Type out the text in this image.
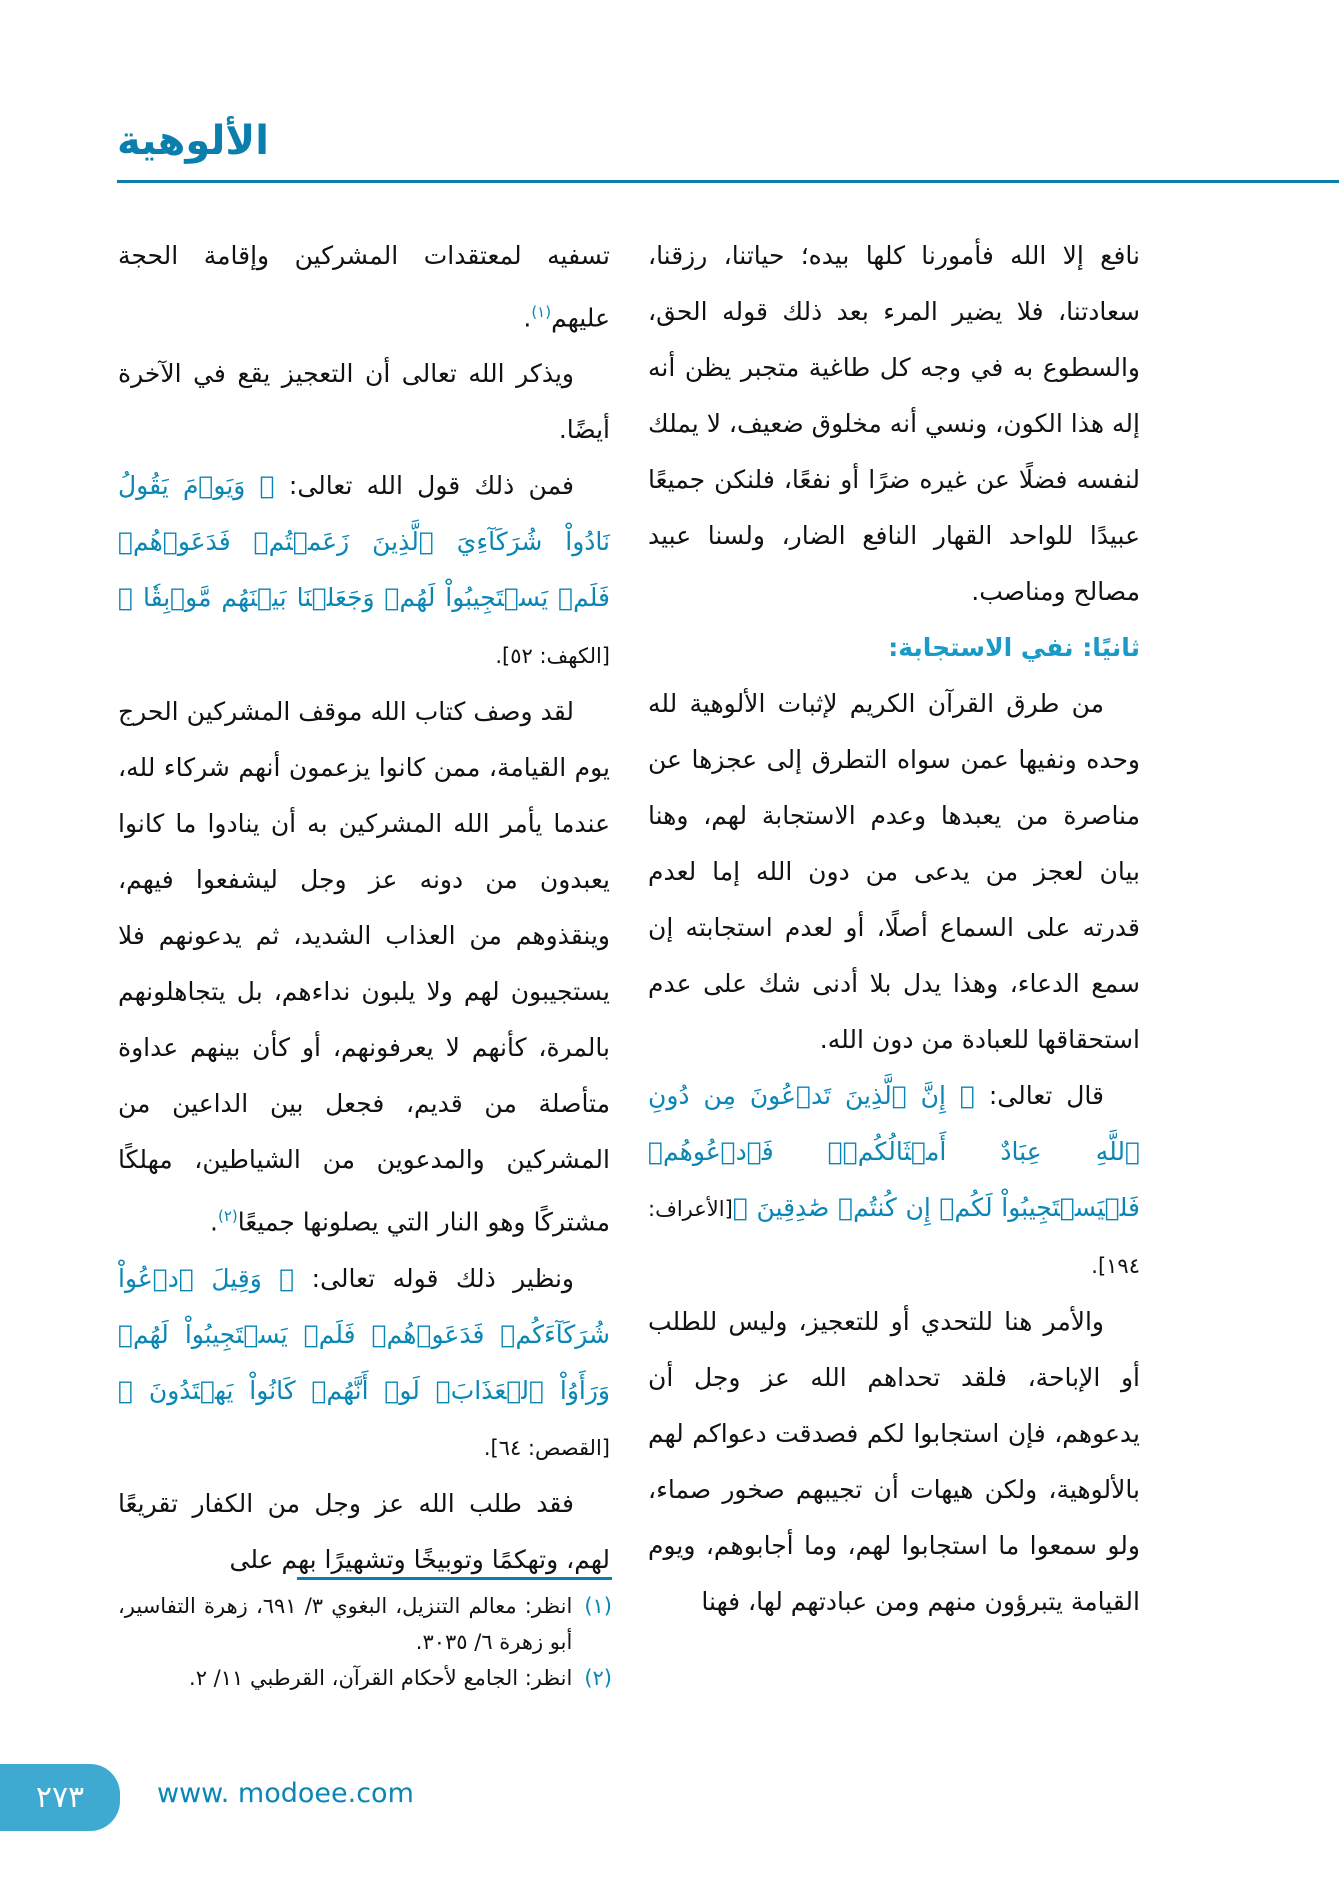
الألوهية

نافع إلا الله فأمورنا كلها بيده؛ حياتنا، رزقنا، سعادتنا، فلا يضير المرء بعد ذلك قوله الحق، والسطوع به في وجه كل طاغية متجبر يظن أنه إله هذا الكون، ونسي أنه مخلوق ضعيف، لا يملك لنفسه فضلًا عن غيره ضرًا أو نفعًا، فلنكن جميعًا عبيدًا للواحد القهار النافع الضار، ولسنا عبيد مصالح ومناصب.

ثانيًا: نفي الاستجابة:

من طرق القرآن الكريم لإثبات الألوهية لله وحده ونفيها عمن سواه التطرق إلى عجزها عن مناصرة من يعبدها وعدم الاستجابة لهم، وهنا بيان لعجز من يدعى من دون الله إما لعدم قدرته على السماع أصلًا، أو لعدم استجابته إن سمع الدعاء، وهذا يدل بلا أدنى شك على عدم استحقاقها للعبادة من دون الله.

قال تعالى: ﴿ إِنَّ ٱلَّذِينَ تَدۡعُونَ مِن دُونِ ٱللَّهِ عِبَادٌ أَمۡثَالُكُمۡۖ فَٱدۡعُوهُمۡ فَلۡيَسۡتَجِيبُواْ لَكُمۡ إِن كُنتُمۡ صَٰدِقِينَ ﴾[الأعراف: ١٩٤].

والأمر هنا للتحدي أو للتعجيز، وليس للطلب أو الإباحة، فلقد تحداهم الله عز وجل أن يدعوهم، فإن استجابوا لكم فصدقت دعواكم لهم بالألوهية، ولكن هيهات أن تجيبهم صخور صماء، ولو سمعوا ما استجابوا لهم، وما أجابوهم، ويوم القيامة يتبرؤون منهم ومن عبادتهم لها، فهنا

تسفيه لمعتقدات المشركين وإقامة الحجة عليهم$^{(١)}$.

ويذكر الله تعالى أن التعجيز يقع في الآخرة أيضًا.

فمن ذلك قول الله تعالى: ﴿ وَيَوۡمَ يَقُولُ نَادُواْ شُرَكَآءِيَ ٱلَّذِينَ زَعَمۡتُمۡ فَدَعَوۡهُمۡ فَلَمۡ يَسۡتَجِيبُواْ لَهُمۡ وَجَعَلۡنَا بَيۡنَهُم مَّوۡبِقٗا ﴾ [الكهف: ٥٢].

لقد وصف كتاب الله موقف المشركين الحرج يوم القيامة، ممن كانوا يزعمون أنهم شركاء لله، عندما يأمر الله المشركين به أن ينادوا ما كانوا يعبدون من دونه عز وجل ليشفعوا فيهم، وينقذوهم من العذاب الشديد، ثم يدعونهم فلا يستجيبون لهم ولا يلبون نداءهم، بل يتجاهلونهم بالمرة، كأنهم لا يعرفونهم، أو كأن بينهم عداوة متأصلة من قديم، فجعل بين الداعين من المشركين والمدعوين من الشياطين، مهلكًا مشتركًا وهو النار التي يصلونها جميعًا$^{(٢)}$.

ونظير ذلك قوله تعالى: ﴿ وَقِيلَ ٱدۡعُواْ شُرَكَآءَكُمۡ فَدَعَوۡهُمۡ فَلَمۡ يَسۡتَجِيبُواْ لَهُمۡ وَرَأَوُاْ ٱلۡعَذَابَۚ لَوۡ أَنَّهُمۡ كَانُواْ يَهۡتَدُونَ ﴾[القصص: ٦٤].

فقد طلب الله عز وجل من الكفار تقريعًا لهم، وتهكمًا وتوبيخًا وتشهيرًا بهم على

(١)
انظر: معالم التنزيل، البغوي ٣/ ٦٩١، زهرة التفاسير، أبو زهرة ٦/ ٣٠٣٥.
(٢)
انظر: الجامع لأحكام القرآن، القرطبي ١١/ ٢.
٢٧٣	www. modoee.com
